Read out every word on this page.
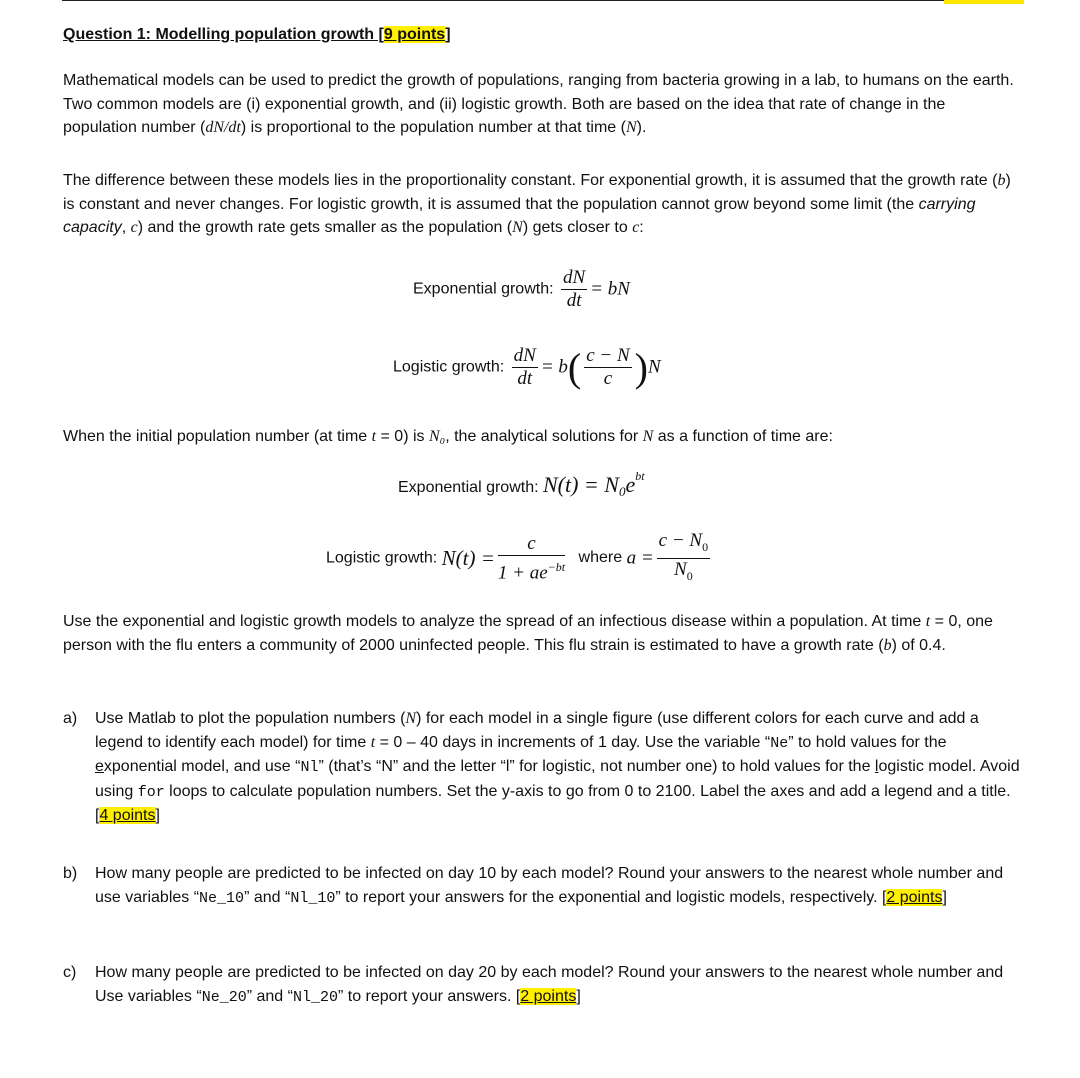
Question 1: Modelling population growth [9 points]
Mathematical models can be used to predict the growth of populations, ranging from bacteria growing in a lab, to humans on the earth. Two common models are (i) exponential growth, and (ii) logistic growth. Both are based on the idea that rate of change in the population number (dN/dt) is proportional to the population number at that time (N).
The difference between these models lies in the proportionality constant. For exponential growth, it is assumed that the growth rate (b) is constant and never changes. For logistic growth, it is assumed that the population cannot grow beyond some limit (the carrying capacity, c) and the growth rate gets smaller as the population (N) gets closer to c:
Exponential growth: $\frac{dN}{dt}$ = bN
Logistic growth: $\frac{dN}{dt} = b( \frac{c - N}{c} )N$
When the initial population number (at time t = 0) is N₀, the analytical solutions for N as a function of time are:
Exponential growth: $N(t) = N_0e^{bt}$
Logistic growth: $N(t) = \frac{c}{1 + ae^{-bt}}$ where $a = \frac{c - N_0}{N_0}$
Use the exponential and logistic growth models to analyze the spread of an infectious disease within a population. At time t = 0, one person with the flu enters a community of 2000 uninfected people. This flu strain is estimated to have a growth rate (b) of 0.4.
a) Use Matlab to plot the population numbers (N) for each model in a single figure (use different colors for each curve and add a legend to identify each model) for time t = 0 – 40 days in increments of 1 day. Use the variable “Ne” to hold values for the exponential model, and use “Nl” (that’s “N” and the letter “l” for logistic, not number one) to hold values for the logistic model. Avoid using for loops to calculate population numbers. Set the y-axis to go from 0 to 2100. Label the axes and add a legend and a title. [4 points]
b) How many people are predicted to be infected on day 10 by each model? Round your answers to the nearest whole number and use variables “Ne_10” and “Nl_10” to report your answers for the exponential and logistic models, respectively. [2 points]
c) How many people are predicted to be infected on day 20 by each model? Round your answers to the nearest whole number and Use variables “Ne_20” and “Nl_20” to report your answers. [2 points]
